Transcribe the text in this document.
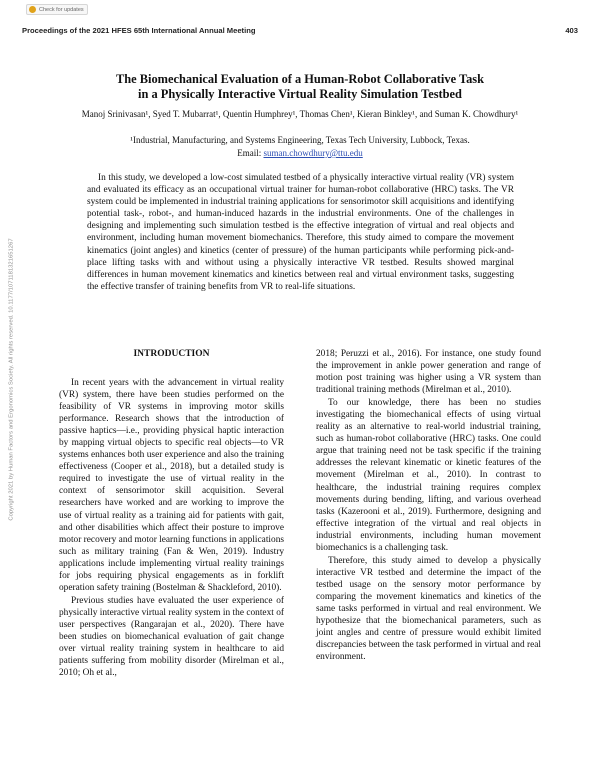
Check for updates
Proceedings of the 2021 HFES 65th International Annual Meeting	403
The Biomechanical Evaluation of a Human-Robot Collaborative Task
in a Physically Interactive Virtual Reality Simulation Testbed
Manoj Srinivasan¹, Syed T. Mubarrat¹, Quentin Humphrey¹, Thomas Chen¹, Kieran Binkley¹, and Suman K. Chowdhury¹
¹Industrial, Manufacturing, and Systems Engineering, Texas Tech University, Lubbock, Texas.
Email: suman.chowdhury@ttu.edu

In this study, we developed a low-cost simulated testbed of a physically interactive virtual reality (VR) system and evaluated its efficacy as an occupational virtual trainer for human-robot collaborative (HRC) tasks. The VR system could be implemented in industrial training applications for sensorimotor skill acquisitions and identifying potential task-, robot-, and human-induced hazards in the industrial environments. One of the challenges in designing and implementing such simulation testbed is the effective integration of virtual and real objects and environment, including human movement biomechanics. Therefore, this study aimed to compare the movement kinematics (joint angles) and kinetics (center of pressure) of the human participants while performing pick-and-place lifting tasks with and without using a physically interactive VR testbed. Results showed marginal differences in human movement kinematics and kinetics between real and virtual environment tasks, suggesting the effective transfer of training benefits from VR to real-life situations.

Copyright 2021 by Human Factors and Ergonomics Society. All rights reserved. 10.1177/1071181321651267	INTRODUCTION

In recent years with the advancement in virtual reality (VR) system, there have been studies performed on the feasibility of VR systems in improving motor skills performance. Research shows that the introduction of passive haptics—i.e., providing physical haptic interaction by mapping virtual objects to specific real objects—to VR systems enhances both user experience and also the training effectiveness (Cooper et al., 2018), but a detailed study is required to investigate the use of virtual reality in the context of sensorimotor skill acquisition. Several researchers have worked and are working to improve the use of virtual reality as a training aid for patients with gait, and other disabilities which affect their posture to improve motor recovery and motor learning functions in applications such as military training (Fan & Wen, 2019). Industry applications include implementing virtual reality trainings for jobs requiring physical engagements as in forklift operation safety training (Bostelman & Shackleford, 2010).

Previous studies have evaluated the user experience of physically interactive virtual reality system in the context of user perspectives (Rangarajan et al., 2020). There have been studies on biomechanical evaluation of gait change over virtual reality training system in healthcare to aid patients suffering from mobility disorder (Mirelman et al., 2010; Oh et al.,

2018; Peruzzi et al., 2016). For instance, one study found the improvement in ankle power generation and range of motion post training was higher using a VR system than traditional training methods (Mirelman et al., 2010).

To our knowledge, there has been no studies investigating the biomechanical effects of using virtual reality as an alternative to real-world industrial training, such as human-robot collaborative (HRC) tasks. One could argue that training need not be task specific if the training addresses the relevant kinematic or kinetic features of the movement (Mirelman et al., 2010). In contrast to healthcare, the industrial training requires complex movements during bending, lifting, and various overhead tasks (Kazerooni et al., 2019). Furthermore, designing and effective integration of the virtual and real objects in industrial environments, including human movement biomechanics is a challenging task.

Therefore, this study aimed to develop a physically interactive VR testbed and determine the impact of the testbed usage on the sensory motor performance by comparing the movement kinematics and kinetics of the same tasks performed in virtual and real environment. We hypothesize that the biomechanical parameters, such as joint angles and centre of pressure would exhibit limited discrepancies between the task performed in virtual and real environment.
